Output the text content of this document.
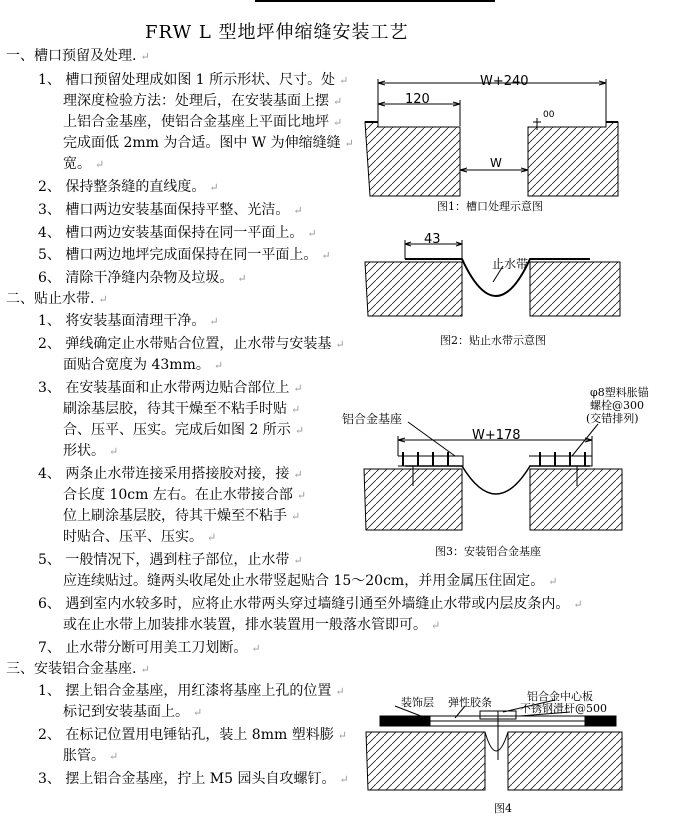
FRW L 型地坪伸缩缝安装工艺
一、槽口预留及处理. ↵
1、 槽口预留处理成如图 1 所示形状、尺寸。处 ↵
理深度检验方法：处理后，在安装基面上摆 ↵
上铝合金基座，使铝合金基座上平面比地坪 ↵
完成面低 2mm 为合适。图中 W 为伸缩缝缝 ↵
宽。 ↵
2、 保持整条缝的直线度。 ↵
3、 槽口两边安装基面保持平整、光洁。 ↵
4、 槽口两边安装基面保持在同一平面上。 ↵
5、 槽口两边地坪完成面保持在同一平面上。 ↵
6、 清除干净缝内杂物及垃圾。 ↵
二、贴止水带. ↵
1、 将安装基面清理干净。 ↵
2、 弹线确定止水带贴合位置，止水带与安装基 ↵
面贴合宽度为 43mm。 ↵
3、 在安装基面和止水带两边贴合部位上 ↵
刷涂基层胶，待其干燥至不粘手时贴 ↵
合、压平、压实。完成后如图 2 所示 ↵
形状。 ↵
4、 两条止水带连接采用搭接胶对接，接 ↵
合长度 10cm 左右。在止水带接合部 ↵
位上刷涂基层胶，待其干燥至不粘手 ↵
时贴合、压平、压实。 ↵
5、 一般情况下，遇到柱子部位，止水带 ↵
应连续贴过。缝两头收尾处止水带竖起贴合 15～20cm，并用金属压住固定。 ↵
6、 遇到室内水较多时，应将止水带两头穿过墙缝引通至外墙缝止水带或内层皮条内。 ↵
或在止水带上加装排水装置，排水装置用一般落水管即可。 ↵
7、 止水带分断可用美工刀划断。 ↵
三、安装铝合金基座. ↵
1、 摆上铝合金基座，用红漆将基座上孔的位置 ↵
标记到安装基面上。 ↵
2、 在标记位置用电锤钻孔，装上 8mm 塑料膨 ↵
胀管。 ↵
3、 摆上铝合金基座，拧上 M5 园头自攻螺钉。 ↵
W+240
120
00
W
图1：槽口处理示意图
43
止水带
图2：贴止水带示意图
铝合金基座
W+178
φ8塑料胀锚
螺栓@300
(交错排列)
图3：安装铝合金基座
装饰层 弹性胶条	铝合金中心板
不锈钢滑杆@500
图4
